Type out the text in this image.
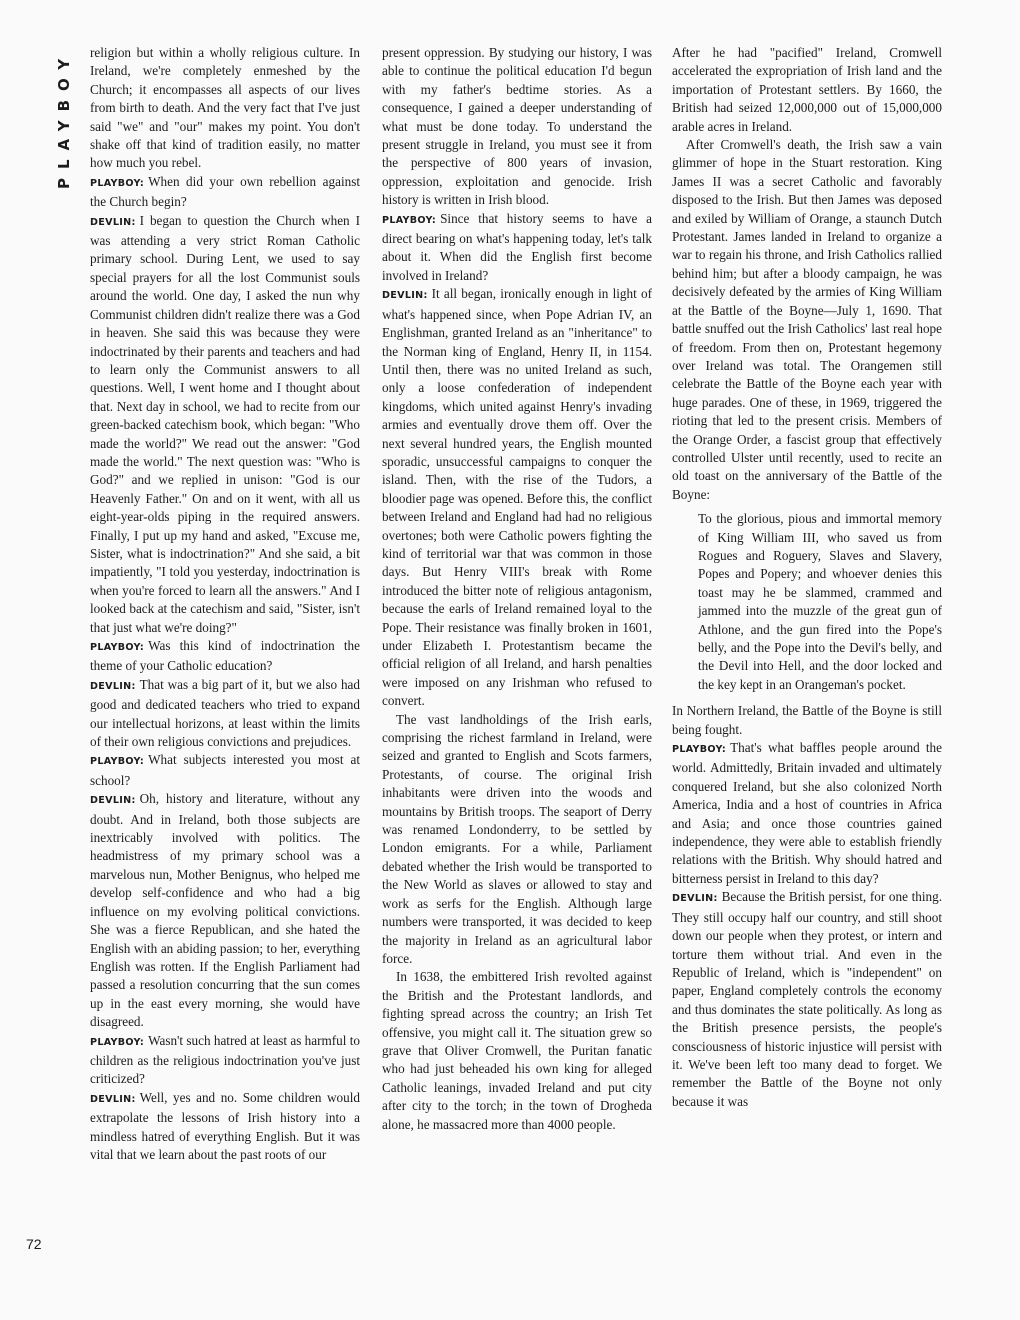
PLAYBOY	religion but within a wholly religious culture. In Ireland, we're completely enmeshed by the Church; it encompasses all aspects of our lives from birth to death. And the very fact that I've just said "we" and "our" makes my point. You don't shake off that kind of tradition easily, no matter how much you rebel.

PLAYBOY: When did your own rebellion against the Church begin?

DEVLIN: I began to question the Church when I was attending a very strict Roman Catholic primary school. During Lent, we used to say special prayers for all the lost Communist souls around the world. One day, I asked the nun why Communist children didn't realize there was a God in heaven. She said this was because they were indoctrinated by their parents and teachers and had to learn only the Communist answers to all questions. Well, I went home and I thought about that. Next day in school, we had to recite from our green-backed catechism book, which began: "Who made the world?" We read out the answer: "God made the world." The next question was: "Who is God?" and we replied in unison: "God is our Heavenly Father." On and on it went, with all us eight-year-olds piping in the required answers. Finally, I put up my hand and asked, "Excuse me, Sister, what is indoctrination?" And she said, a bit impatiently, "I told you yesterday, indoctrination is when you're forced to learn all the answers." And I looked back at the catechism and said, "Sister, isn't that just what we're doing?"

PLAYBOY: Was this kind of indoctrination the theme of your Catholic education?

DEVLIN: That was a big part of it, but we also had good and dedicated teachers who tried to expand our intellectual horizons, at least within the limits of their own religious convictions and prejudices.

PLAYBOY: What subjects interested you most at school?

DEVLIN: Oh, history and literature, without any doubt. And in Ireland, both those subjects are inextricably involved with politics. The headmistress of my primary school was a marvelous nun, Mother Benignus, who helped me develop self-confidence and who had a big influence on my evolving political convictions. She was a fierce Republican, and she hated the English with an abiding passion; to her, everything English was rotten. If the English Parliament had passed a resolution concurring that the sun comes up in the east every morning, she would have disagreed.

PLAYBOY: Wasn't such hatred at least as harmful to children as the religious indoctrination you've just criticized?

DEVLIN: Well, yes and no. Some children would extrapolate the lessons of Irish history into a mindless hatred of everything English. But it was vital that we learn about the past roots of our

present oppression. By studying our history, I was able to continue the political education I'd begun with my father's bedtime stories. As a consequence, I gained a deeper understanding of what must be done today. To understand the present struggle in Ireland, you must see it from the perspective of 800 years of invasion, oppression, exploitation and genocide. Irish history is written in Irish blood.

PLAYBOY: Since that history seems to have a direct bearing on what's happening today, let's talk about it. When did the English first become involved in Ireland?

DEVLIN: It all began, ironically enough in light of what's happened since, when Pope Adrian IV, an Englishman, granted Ireland as an "inheritance" to the Norman king of England, Henry II, in 1154. Until then, there was no united Ireland as such, only a loose confederation of independent kingdoms, which united against Henry's invading armies and eventually drove them off. Over the next several hundred years, the English mounted sporadic, unsuccessful campaigns to conquer the island. Then, with the rise of the Tudors, a bloodier page was opened. Before this, the conflict between Ireland and England had had no religious overtones; both were Catholic powers fighting the kind of territorial war that was common in those days. But Henry VIII's break with Rome introduced the bitter note of religious antagonism, because the earls of Ireland remained loyal to the Pope. Their resistance was finally broken in 1601, under Elizabeth I. Protestantism became the official religion of all Ireland, and harsh penalties were imposed on any Irishman who refused to convert.

The vast landholdings of the Irish earls, comprising the richest farmland in Ireland, were seized and granted to English and Scots farmers, Protestants, of course. The original Irish inhabitants were driven into the woods and mountains by British troops. The seaport of Derry was renamed Londonderry, to be settled by London emigrants. For a while, Parliament debated whether the Irish would be transported to the New World as slaves or allowed to stay and work as serfs for the English. Although large numbers were transported, it was decided to keep the majority in Ireland as an agricultural labor force.

In 1638, the embittered Irish revolted against the British and the Protestant landlords, and fighting spread across the country; an Irish Tet offensive, you might call it. The situation grew so grave that Oliver Cromwell, the Puritan fanatic who had just beheaded his own king for alleged Catholic leanings, invaded Ireland and put city after city to the torch; in the town of Drogheda alone, he massacred more than 4000 people.

After he had "pacified" Ireland, Cromwell accelerated the expropriation of Irish land and the importation of Protestant settlers. By 1660, the British had seized 12,000,000 out of 15,000,000 arable acres in Ireland.

After Cromwell's death, the Irish saw a vain glimmer of hope in the Stuart restoration. King James II was a secret Catholic and favorably disposed to the Irish. But then James was deposed and exiled by William of Orange, a staunch Dutch Protestant. James landed in Ireland to organize a war to regain his throne, and Irish Catholics rallied behind him; but after a bloody campaign, he was decisively defeated by the armies of King William at the Battle of the Boyne—July 1, 1690. That battle snuffed out the Irish Catholics' last real hope of freedom. From then on, Protestant hegemony over Ireland was total. The Orangemen still celebrate the Battle of the Boyne each year with huge parades. One of these, in 1969, triggered the rioting that led to the present crisis. Members of the Orange Order, a fascist group that effectively controlled Ulster until recently, used to recite an old toast on the anniversary of the Battle of the Boyne:

To the glorious, pious and immortal memory of King William III, who saved us from Rogues and Roguery, Slaves and Slavery, Popes and Popery; and whoever denies this toast may he be slammed, crammed and jammed into the muzzle of the great gun of Athlone, and the gun fired into the Pope's belly, and the Pope into the Devil's belly, and the Devil into Hell, and the door locked and the key kept in an Orangeman's pocket.

In Northern Ireland, the Battle of the Boyne is still being fought.

PLAYBOY: That's what baffles people around the world. Admittedly, Britain invaded and ultimately conquered Ireland, but she also colonized North America, India and a host of countries in Africa and Asia; and once those countries gained independence, they were able to establish friendly relations with the British. Why should hatred and bitterness persist in Ireland to this day?

DEVLIN: Because the British persist, for one thing. They still occupy half our country, and still shoot down our people when they protest, or intern and torture them without trial. And even in the Republic of Ireland, which is "independent" on paper, England completely controls the economy and thus dominates the state politically. As long as the British presence persists, the people's consciousness of historic injustice will persist with it. We've been left too many dead to forget. We remember the Battle of the Boyne not only because it was

72
